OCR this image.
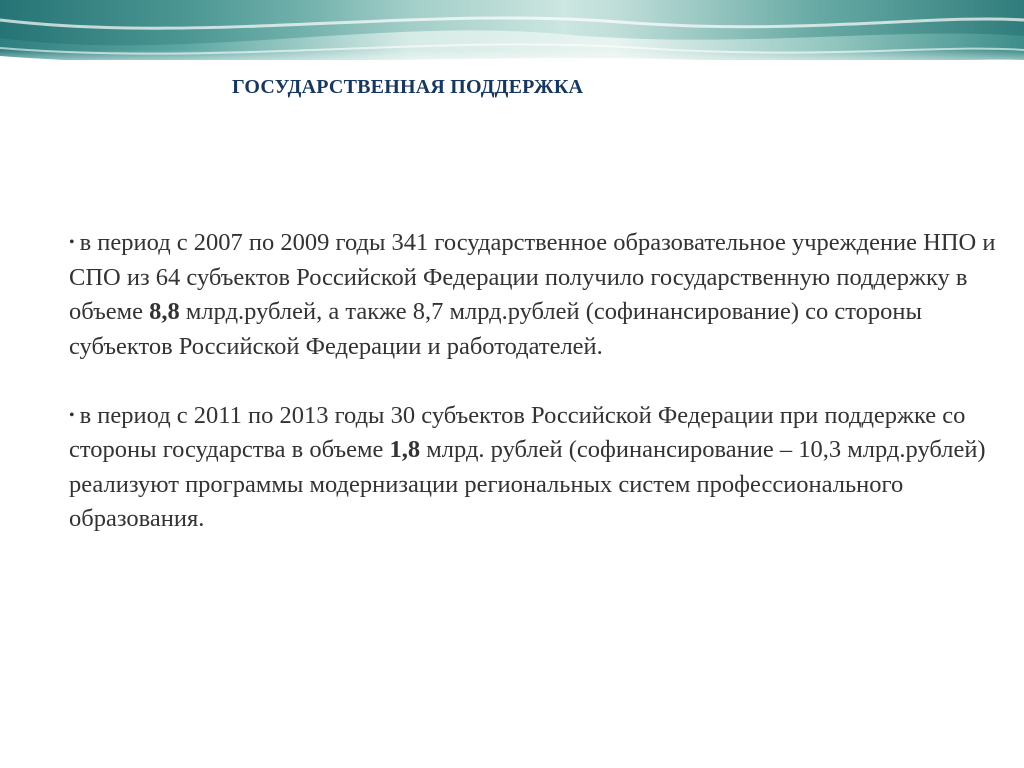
ГОСУДАРСТВЕННАЯ ПОДДЕРЖКА

• в период с 2007 по 2009 годы 341 государственное образовательное учреждение НПО и СПО из 64 субъектов Российской Федерации получило государственную поддержку в объеме 8,8 млрд.рублей, а также 8,7 млрд.рублей (софинансирование) со стороны субъектов Российской Федерации и работодателей.

• в период с 2011 по 2013 годы 30 субъектов Российской Федерации при поддержке со стороны государства в объеме 1,8 млрд. рублей (софинансирование – 10,3 млрд.рублей) реализуют программы модернизации региональных систем профессионального образования.
